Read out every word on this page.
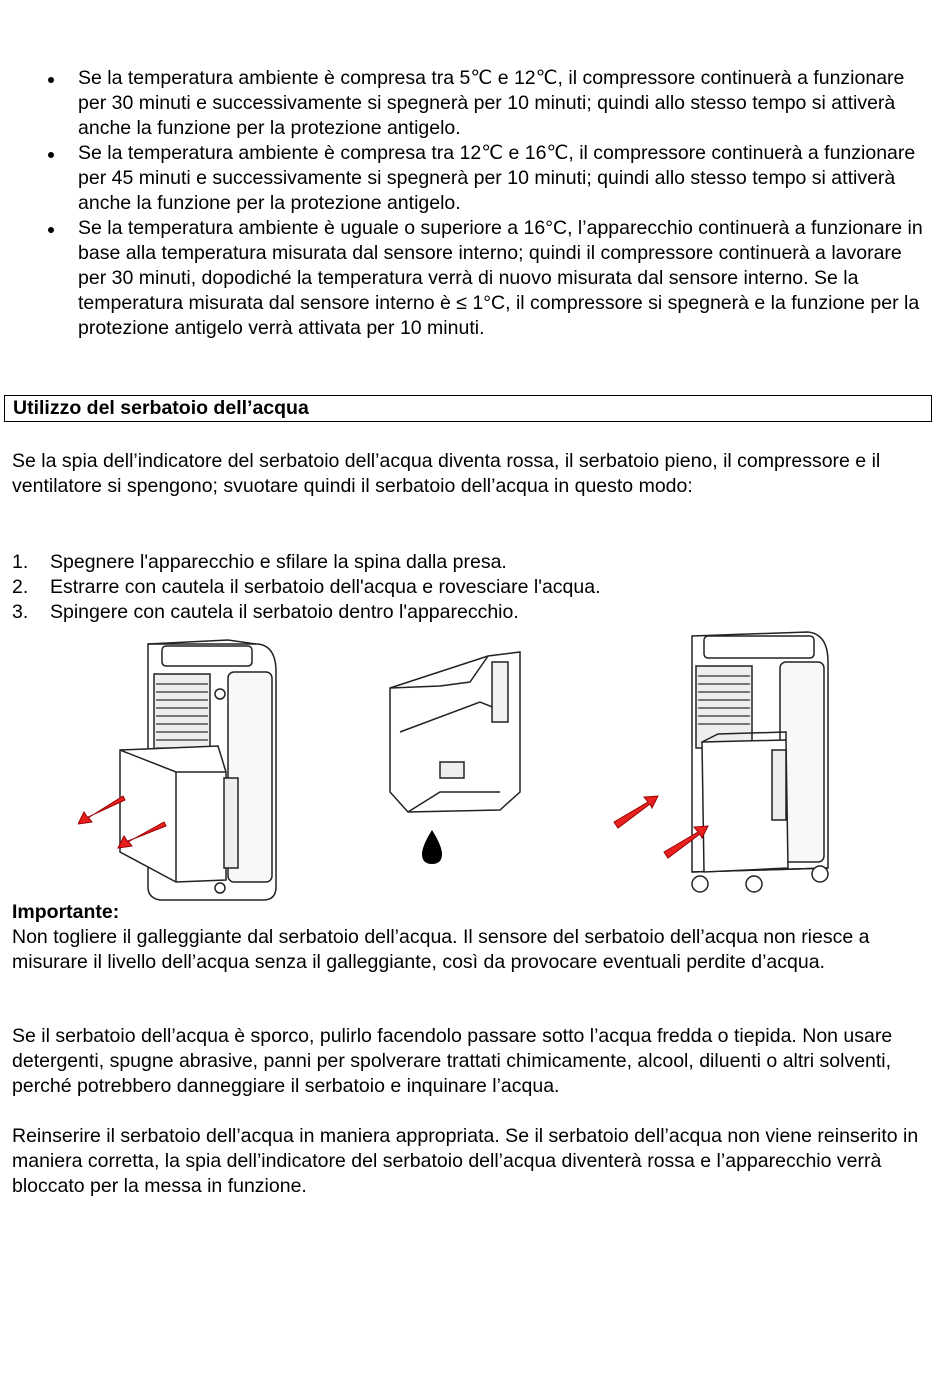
Se la temperatura ambiente è compresa tra 5℃ e 12℃, il compressore continuerà a funzionare per 30 minuti e successivamente si spegnerà per 10 minuti; quindi allo stesso tempo si attiverà anche la funzione per la protezione antigelo.
Se la temperatura ambiente è compresa tra 12℃ e 16℃, il compressore continuerà a funzionare per 45 minuti e successivamente si spegnerà per 10 minuti; quindi allo stesso tempo si attiverà anche la funzione per la protezione antigelo.
Se la temperatura ambiente è uguale o superiore a 16°C, l’apparecchio continuerà a funzionare in base alla temperatura misurata dal sensore interno; quindi il compressore continuerà a lavorare per 30 minuti, dopodiché la temperatura verrà di nuovo misurata dal sensore interno. Se la temperatura misurata dal sensore interno è ≤ 1°C, il compressore si spegnerà e la funzione per la protezione antigelo verrà attivata per 10 minuti.
Utilizzo del serbatoio dell’acqua

Se la spia dell’indicatore del serbatoio dell’acqua diventa rossa, il serbatoio pieno, il compressore e il ventilatore si spengono; svuotare quindi il serbatoio dell’acqua in questo modo:

1. Spegnere l'apparecchio e sfilare la spina dalla presa.
2. Estrarre con cautela il serbatoio dell'acqua e rovesciare l'acqua.
3. Spingere con cautela il serbatoio dentro l'apparecchio.
Importante:

Non togliere il galleggiante dal serbatoio dell’acqua. Il sensore del serbatoio dell’acqua non riesce a misurare il livello dell’acqua senza il galleggiante, così da provocare eventuali perdite d’acqua.

Se il serbatoio dell’acqua è sporco, pulirlo facendolo passare sotto l’acqua fredda o tiepida. Non usare detergenti, spugne abrasive, panni per spolverare trattati chimicamente, alcool, diluenti o altri solventi, perché potrebbero danneggiare il serbatoio e inquinare l’acqua.

Reinserire il serbatoio dell’acqua in maniera appropriata. Se il serbatoio dell’acqua non viene reinserito in maniera corretta, la spia dell’indicatore del serbatoio dell’acqua diventerà rossa e l’apparecchio verrà bloccato per la messa in funzione.
